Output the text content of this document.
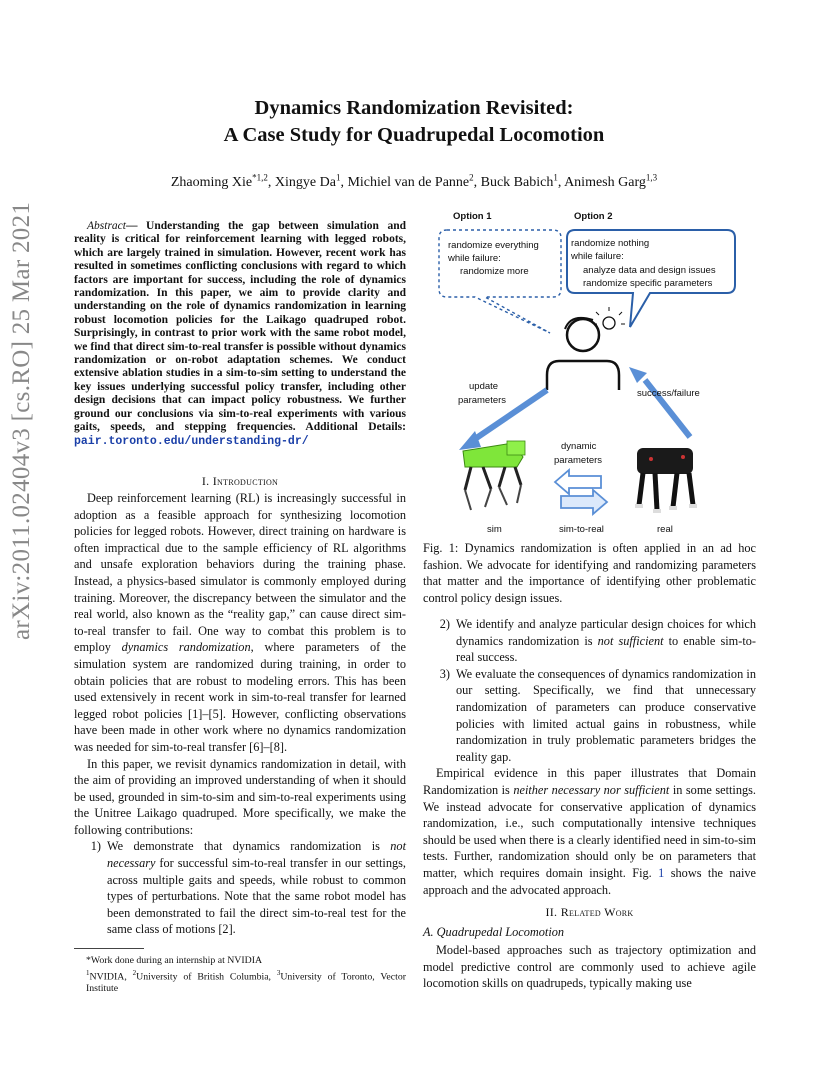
arXiv:2011.02404v3 [cs.RO] 25 Mar 2021
Dynamics Randomization Revisited:
A Case Study for Quadrupedal Locomotion
Zhaoming Xie$^{*1,2}$, Xingye Da$^1$, Michiel van de Panne$^2$, Buck Babich$^1$, Animesh Garg$^{1,3}$
Abstract— Understanding the gap between simulation and reality is critical for reinforcement learning with legged robots, which are largely trained in simulation. However, recent work has resulted in sometimes conflicting conclusions with regard to which factors are important for success, including the role of dynamics randomization. In this paper, we aim to provide clarity and understanding on the role of dynamics randomization in learning robust locomotion policies for the Laikago quadruped robot. Surprisingly, in contrast to prior work with the same robot model, we find that direct sim-to-real transfer is possible without dynamics randomization or on-robot adaptation schemes. We conduct extensive ablation studies in a sim-to-sim setting to understand the key issues underlying successful policy transfer, including other design decisions that can impact policy robustness. We further ground our conclusions via sim-to-real experiments with various gaits, speeds, and stepping frequencies. Additional Details: pair.toronto.edu/understanding-dr/
I. Introduction

Deep reinforcement learning (RL) is increasingly successful in adoption as a feasible approach for synthesizing locomotion policies for legged robots. However, direct training on hardware is often impractical due to the sample efficiency of RL algorithms and unsafe exploration behaviors during the training phase. Instead, a physics-based simulator is commonly employed during training. Moreover, the discrepancy between the simulator and the real world, also known as the “reality gap,” can cause direct sim-to-real transfer to fail. One way to combat this problem is to employ dynamics randomization, where parameters of the simulation system are randomized during training, in order to obtain policies that are robust to modeling errors. This has been used extensively in recent work in sim-to-real transfer for learned legged robot policies [1]–[5]. However, conflicting observations have been made in other work where no dynamics randomization was needed for sim-to-real transfer [6]–[8].

In this paper, we revisit dynamics randomization in detail, with the aim of providing an improved understanding of when it should be used, grounded in sim-to-sim and sim-to-real experiments using the Unitree Laikago quadruped. More specifically, we make the following contributions:

1) We demonstrate that dynamics randomization is not necessary for successful sim-to-real transfer in our settings, across multiple gaits and speeds, while robust to common types of perturbations. Note that the same robot model has been demonstrated to fail the direct sim-to-real test for the same class of motions [2].
*Work done during an internship at NVIDIA
$^1$NVIDIA, $^2$University of British Columbia, $^3$University of Toronto, Vector Institute
Option 1	Option 2
randomize everything
while failure:
randomize more
randomize nothing
while failure:
analyze data and design issues
randomize specific parameters
update
parameters
success/failure
dynamic
parameters
sim	sim-to-real	real
Fig. 1: Dynamics randomization is often applied in an ad hoc fashion. We advocate for identifying and randomizing parameters that matter and the importance of identifying other problematic control policy design issues.
2) We identify and analyze particular design choices for which dynamics randomization is not sufficient to enable sim-to-real success.
3) We evaluate the consequences of dynamics randomization in our setting. Specifically, we find that unnecessary randomization of parameters can produce conservative policies with limited actual gains in robustness, while randomization in truly problematic parameters bridges the reality gap.

Empirical evidence in this paper illustrates that Domain Randomization is neither necessary nor sufficient in some settings. We instead advocate for conservative application of dynamics randomization, i.e., such computationally intensive techniques should be used when there is a clearly identified need in sim-to-sim tests. Further, randomization should only be on parameters that matter, which requires domain insight. Fig. 1 shows the naive approach and the advocated approach.

II. Related Work
A. Quadrupedal Locomotion

Model-based approaches such as trajectory optimization and model predictive control are commonly used to achieve agile locomotion skills on quadrupeds, typically making use
